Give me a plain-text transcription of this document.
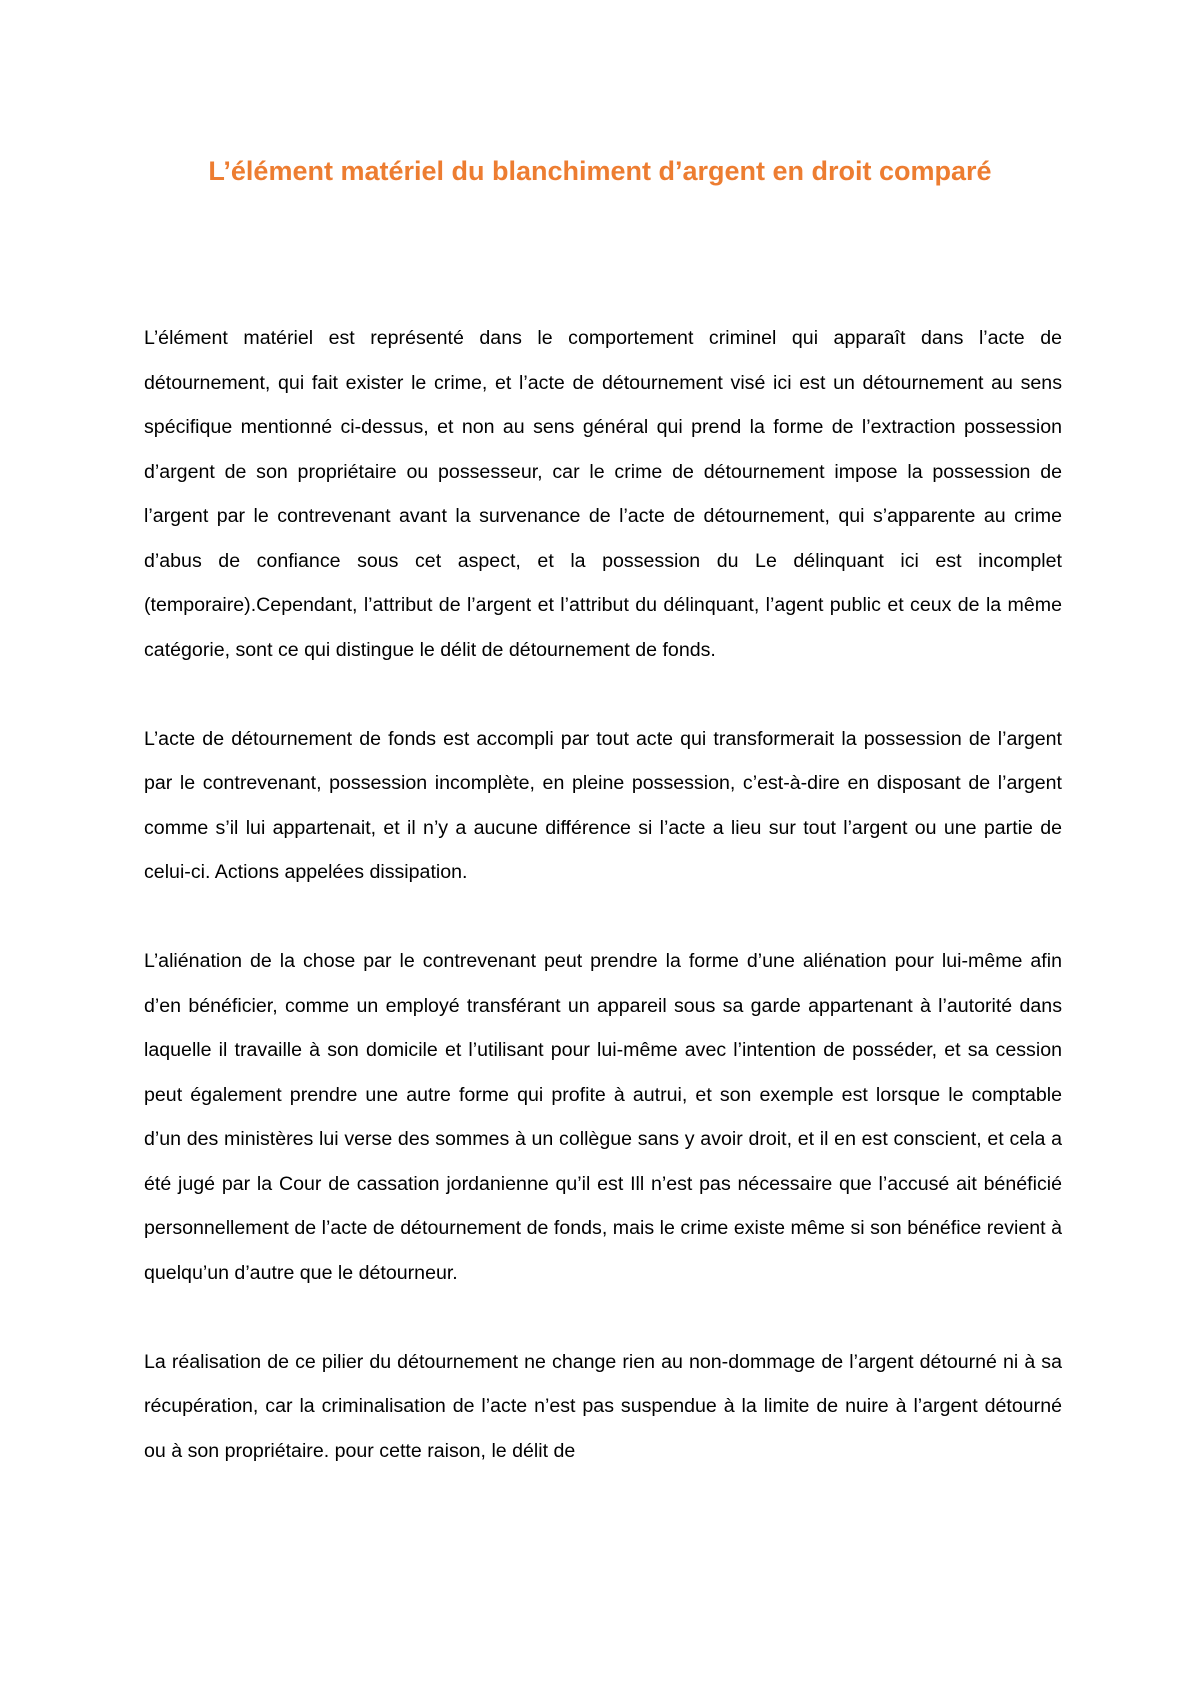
L’élément matériel du blanchiment d’argent en droit comparé

L’élément matériel est représenté dans le comportement criminel qui apparaît dans l’acte de détournement, qui fait exister le crime, et l’acte de détournement visé ici est un détournement au sens spécifique mentionné ci-dessus, et non au sens général qui prend la forme de l’extraction possession d’argent de son propriétaire ou possesseur, car le crime de détournement impose la possession de l’argent par le contrevenant avant la survenance de l’acte de détournement, qui s’apparente au crime d’abus de confiance sous cet aspect, et la possession du Le délinquant ici est incomplet (temporaire).Cependant, l’attribut de l’argent et l’attribut du délinquant, l’agent public et ceux de la même catégorie, sont ce qui distingue le délit de détournement de fonds.

L’acte de détournement de fonds est accompli par tout acte qui transformerait la possession de l’argent par le contrevenant, possession incomplète, en pleine possession, c’est-à-dire en disposant de l’argent comme s’il lui appartenait, et il n’y a aucune différence si l’acte a lieu sur tout l’argent ou une partie de celui-ci. Actions appelées dissipation.

L’aliénation de la chose par le contrevenant peut prendre la forme d’une aliénation pour lui-même afin d’en bénéficier, comme un employé transférant un appareil sous sa garde appartenant à l’autorité dans laquelle il travaille à son domicile et l’utilisant pour lui-même avec l’intention de posséder, et sa cession peut également prendre une autre forme qui profite à autrui, et son exemple est lorsque le comptable d’un des ministères lui verse des sommes à un collègue sans y avoir droit, et il en est conscient, et cela a été jugé par la Cour de cassation jordanienne qu’il est Ill n’est pas nécessaire que l’accusé ait bénéficié personnellement de l’acte de détournement de fonds, mais le crime existe même si son bénéfice revient à quelqu’un d’autre que le détourneur.

La réalisation de ce pilier du détournement ne change rien au non-dommage de l’argent détourné ni à sa récupération, car la criminalisation de l’acte n’est pas suspendue à la limite de nuire à l’argent détourné ou à son propriétaire. pour cette raison, le délit de
